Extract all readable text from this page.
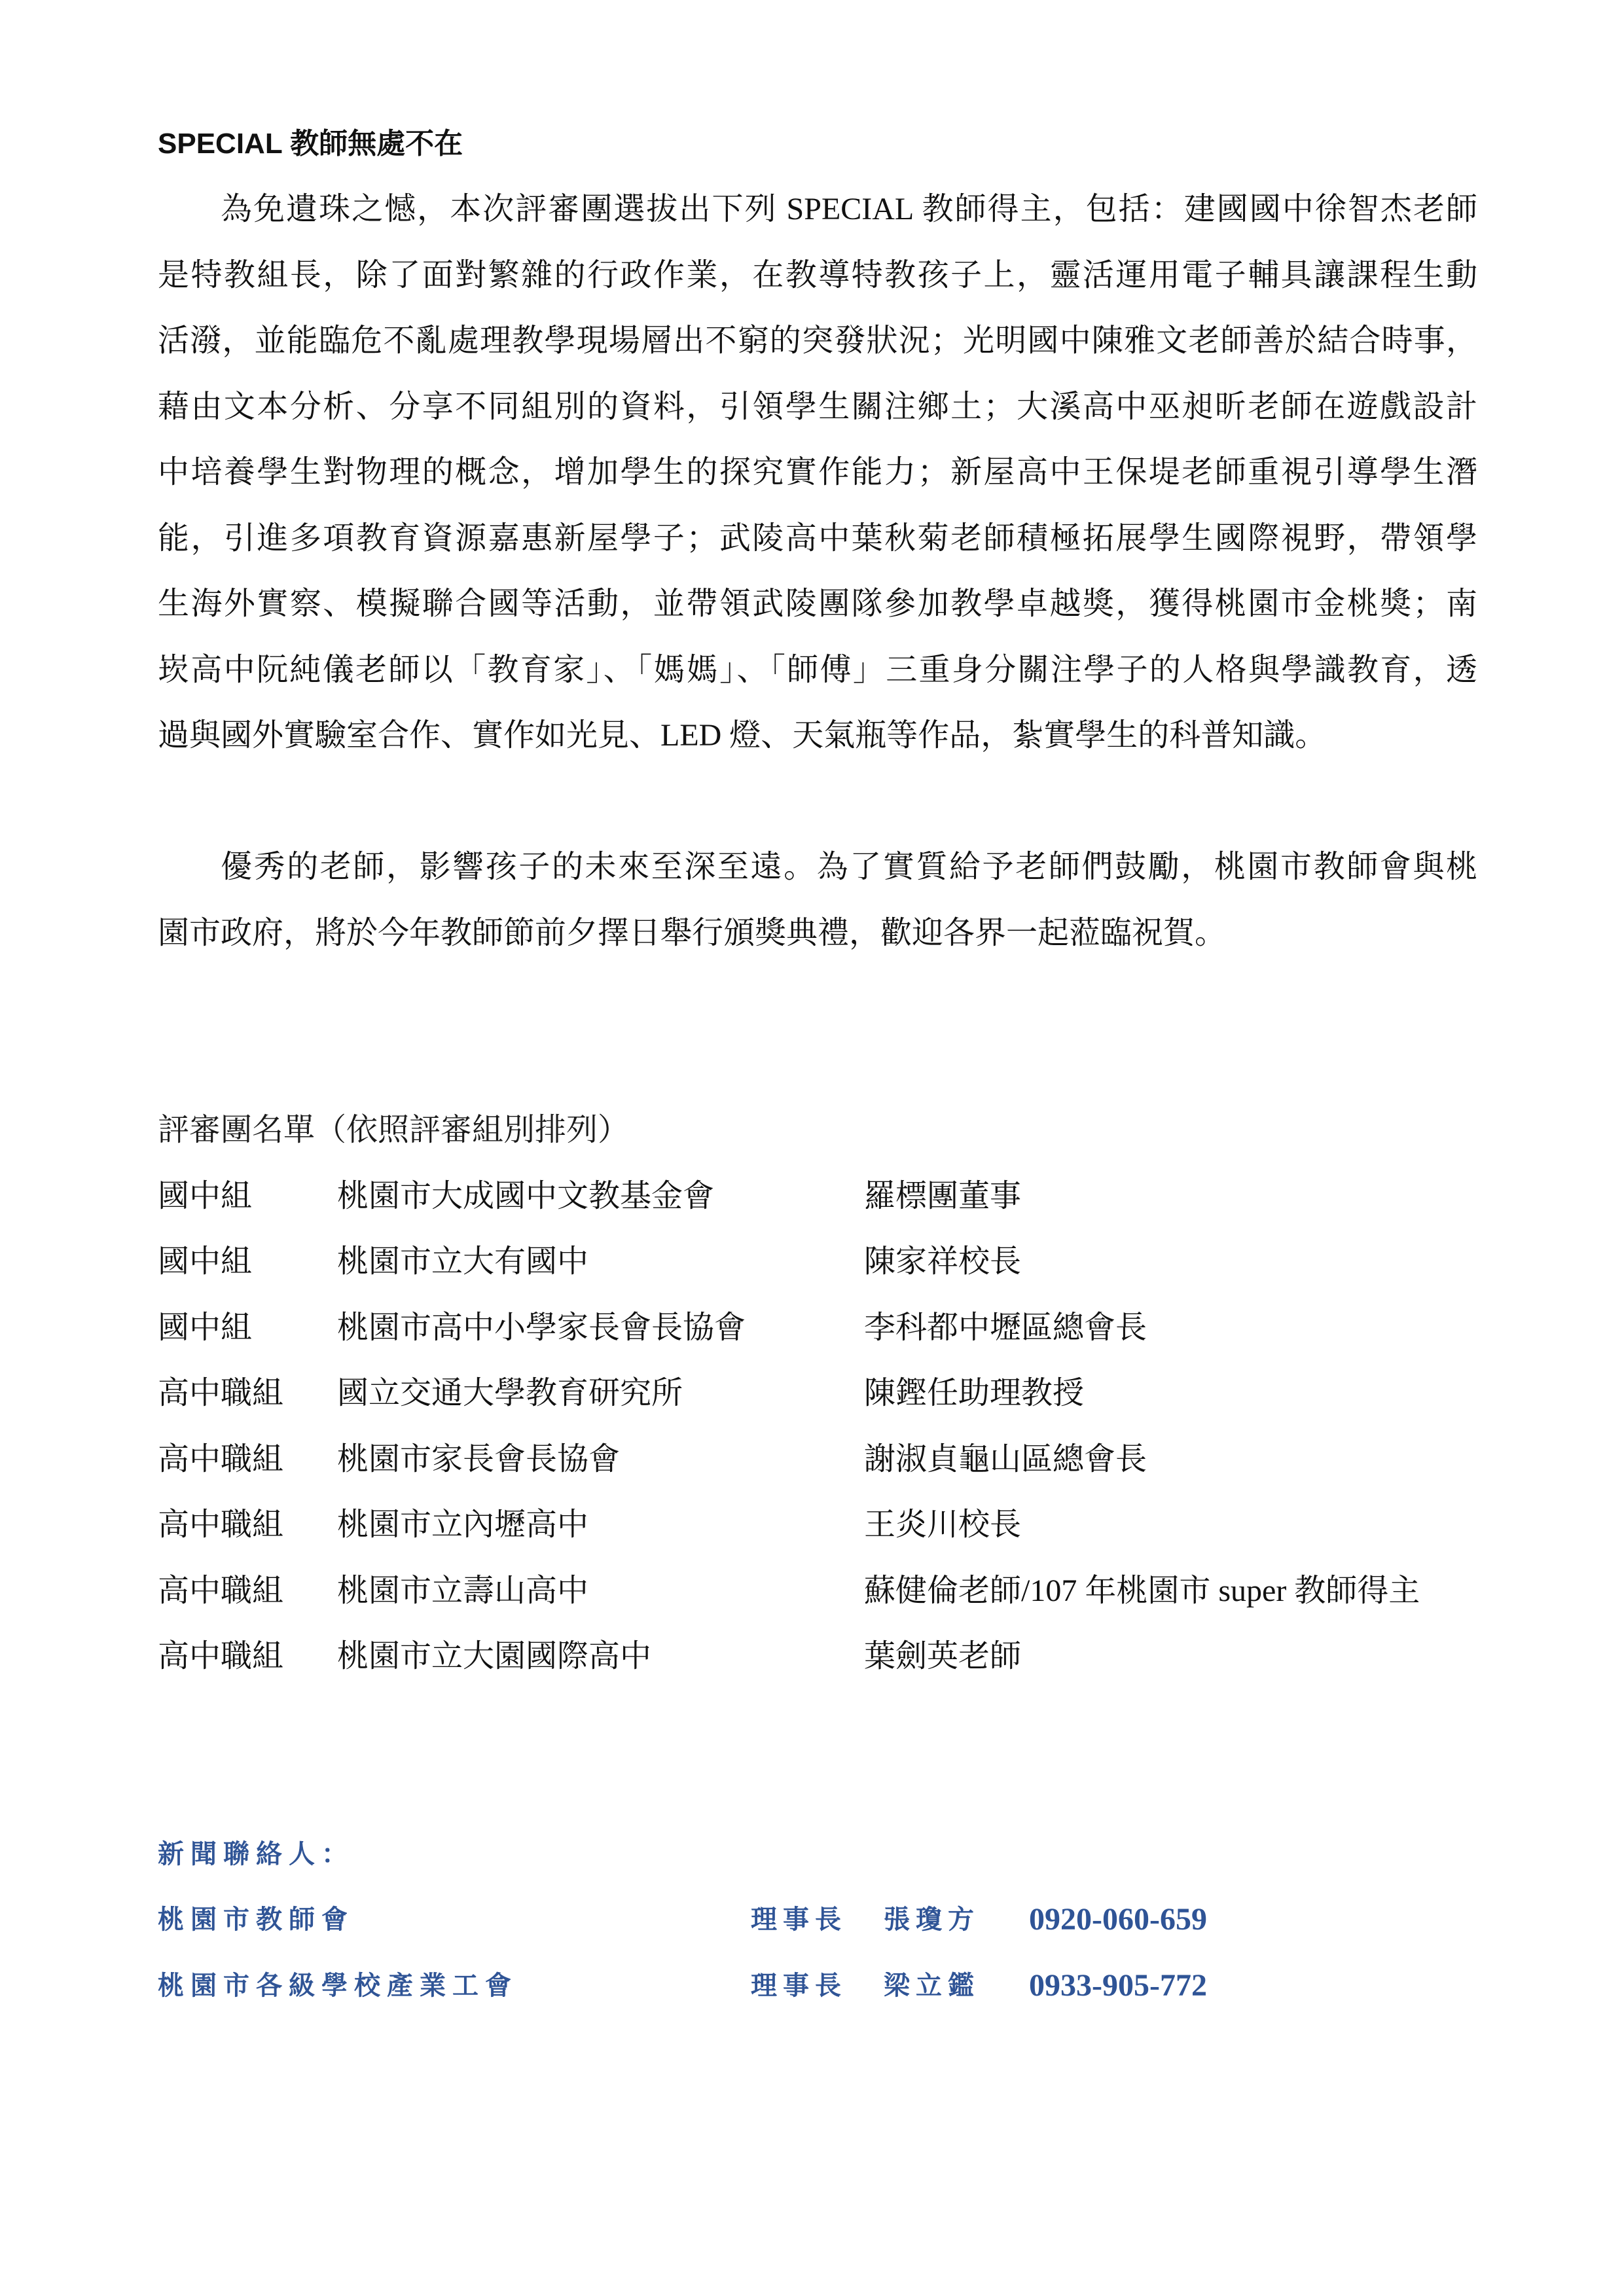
SPECIAL 教師無處不在
為免遺珠之憾，本次評審團選拔出下列 SPECIAL 教師得主，包括：建國國中徐智杰老師
是特教組長，除了面對繁雜的行政作業，在教導特教孩子上，靈活運用電子輔具讓課程生動
活潑，並能臨危不亂處理教學現場層出不窮的突發狀況；光明國中陳雅文老師善於結合時事，
藉由文本分析、分享不同組別的資料，引領學生關注鄉土；大溪高中巫昶昕老師在遊戲設計
中培養學生對物理的概念，增加學生的探究實作能力；新屋高中王保堤老師重視引導學生潛
能，引進多項教育資源嘉惠新屋學子；武陵高中葉秋菊老師積極拓展學生國際視野，帶領學
生海外實察、模擬聯合國等活動，並帶領武陵團隊參加教學卓越獎，獲得桃園市金桃獎；南
崁高中阮純儀老師以「教育家」、「媽媽」、「師傅」三重身分關注學子的人格與學識教育，透
過與國外實驗室合作、實作如光見、LED 燈、天氣瓶等作品，紮實學生的科普知識。
優秀的老師，影響孩子的未來至深至遠。為了實質給予老師們鼓勵，桃園市教師會與桃
園市政府，將於今年教師節前夕擇日舉行頒獎典禮，歡迎各界一起蒞臨祝賀。
評審團名單（依照評審組別排列）
國中組	桃園市大成國中文教基金會	羅標團董事
國中組	桃園市立大有國中	陳家祥校長
國中組	桃園市高中小學家長會長協會	李科都中壢區總會長
高中職組	國立交通大學教育研究所	陳鏗任助理教授
高中職組	桃園市家長會長協會	謝淑貞龜山區總會長
高中職組	桃園市立內壢高中	王炎川校長
高中職組	桃園市立壽山高中	蘇健倫老師/107 年桃園市 super 教師得主
高中職組	桃園市立大園國際高中	葉劍英老師
新聞聯絡人：
桃園市教師會	理事長 張瓊方 0920-060-659
桃園市各級學校產業工會	理事長 梁立鑑 0933-905-772
